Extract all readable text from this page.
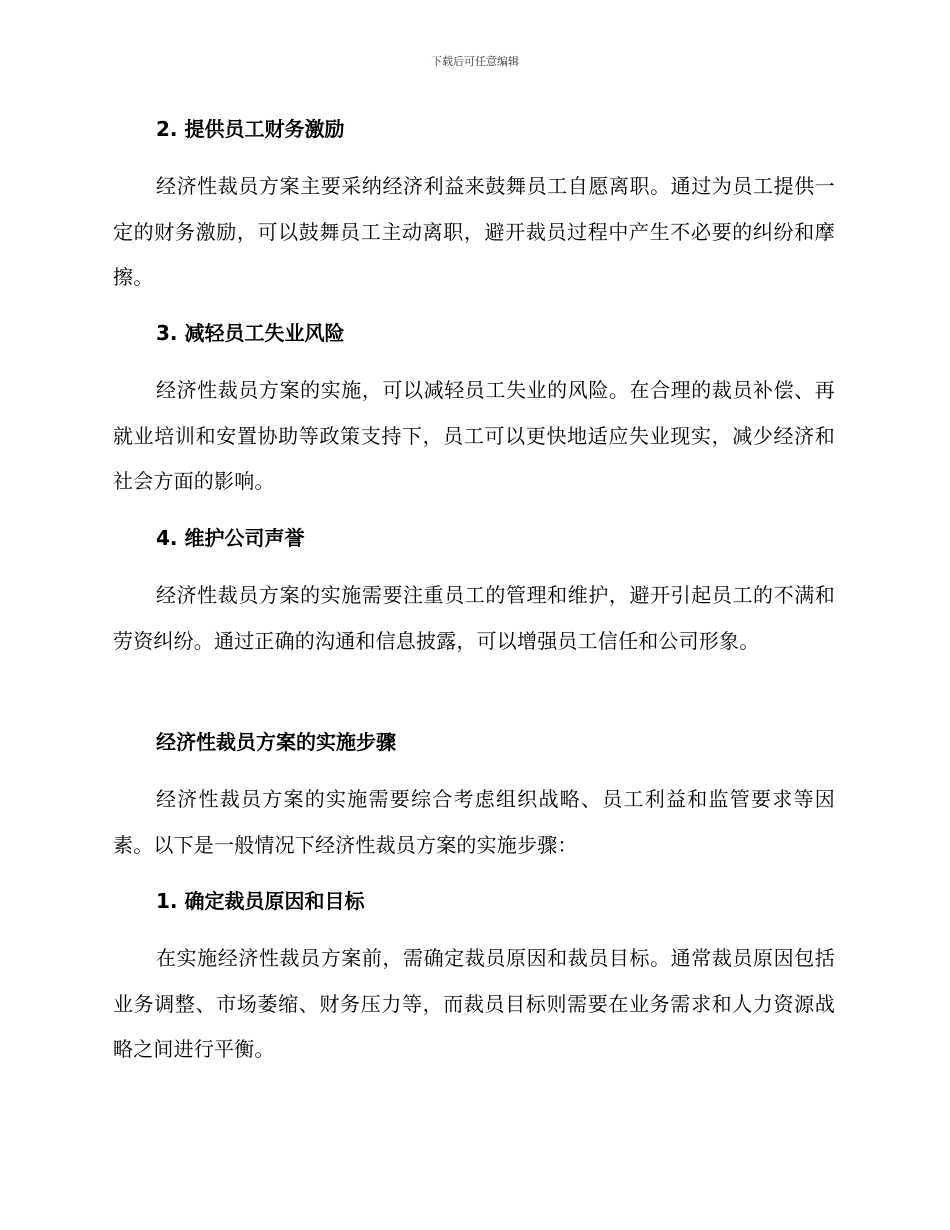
下载后可任意编辑
2. 提供员工财务激励
经济性裁员方案主要采纳经济利益来鼓舞员工自愿离职。通过为员工提供一定的财务激励，可以鼓舞员工主动离职，避开裁员过程中产生不必要的纠纷和摩擦。
3. 减轻员工失业风险
经济性裁员方案的实施，可以减轻员工失业的风险。在合理的裁员补偿、再就业培训和安置协助等政策支持下，员工可以更快地适应失业现实，减少经济和社会方面的影响。
4. 维护公司声誉
经济性裁员方案的实施需要注重员工的管理和维护，避开引起员工的不满和劳资纠纷。通过正确的沟通和信息披露，可以增强员工信任和公司形象。
经济性裁员方案的实施步骤
经济性裁员方案的实施需要综合考虑组织战略、员工利益和监管要求等因素。以下是一般情况下经济性裁员方案的实施步骤：
1. 确定裁员原因和目标
在实施经济性裁员方案前，需确定裁员原因和裁员目标。通常裁员原因包括业务调整、市场萎缩、财务压力等，而裁员目标则需要在业务需求和人力资源战略之间进行平衡。
